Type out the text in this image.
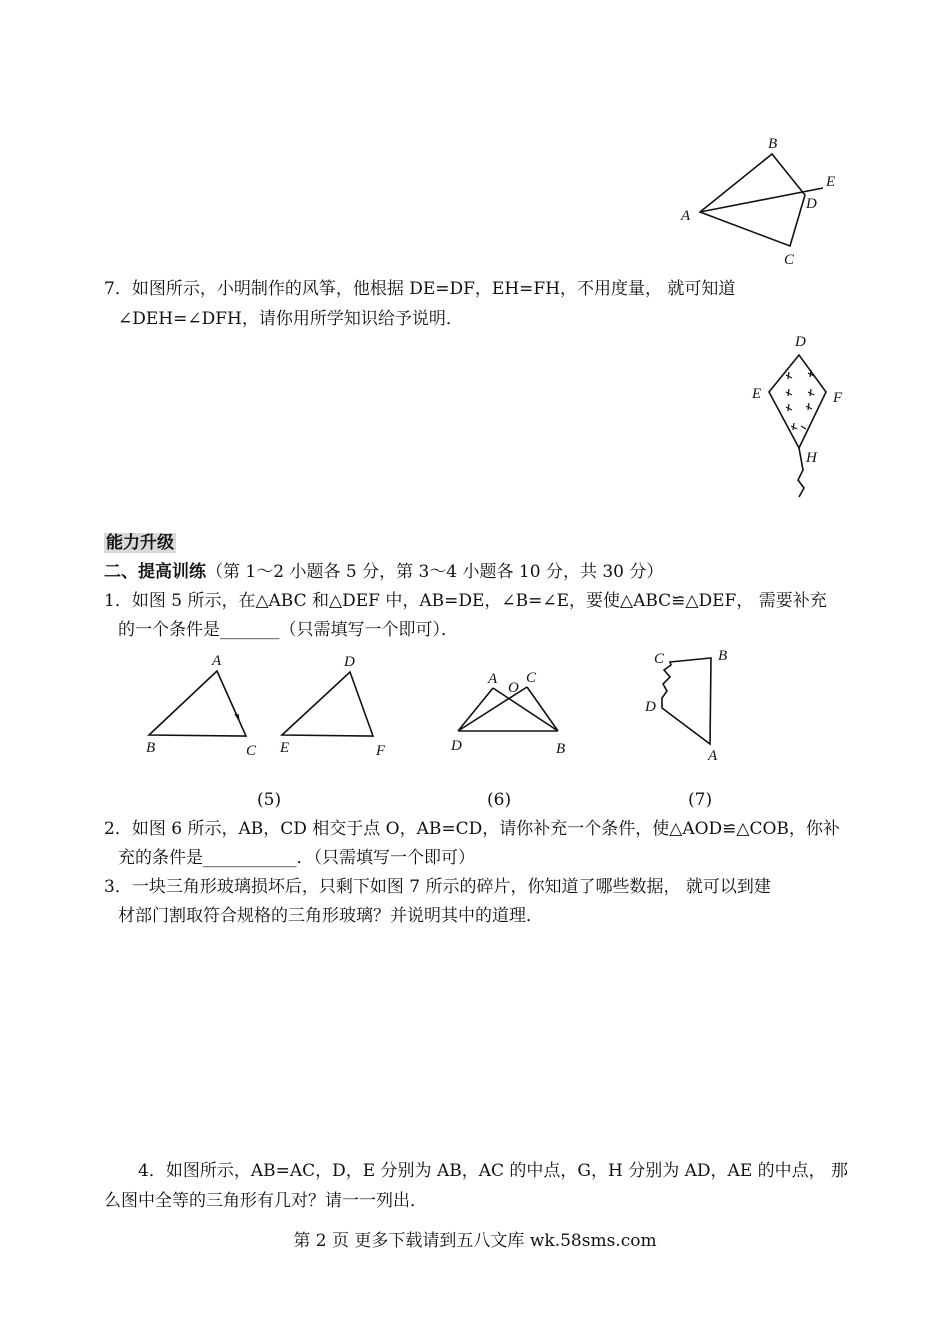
B
E
A
D
C
7．如图所示，小明制作的风筝，他根据 DE=DF，EH=FH，不用度量， 就可知道
∠DEH=∠DFH，请你用所学知识给予说明．
D
E	F
H
能力升级
二、提高训练（第 1～2 小题各 5 分，第 3～4 小题各 10 分，共 30 分）
1．如图 5 所示，在△ABC 和△DEF 中，AB=DE，∠B=∠E，要使△ABC≌△DEF， 需要补充
的一个条件是_______（只需填写一个即可）．
A
B	C
D
E	F
A
O
C
D	B
C	B
D
A
(5)	(6)	(7)
2．如图 6 所示，AB，CD 相交于点 O，AB=CD，请你补充一个条件，使△AOD≌△COB，你补
充的条件是___________．（只需填写一个即可）
3．一块三角形玻璃损坏后，只剩下如图 7 所示的碎片，你知道了哪些数据， 就可以到建
材部门割取符合规格的三角形玻璃？并说明其中的道理．
4．如图所示，AB=AC，D，E 分别为 AB，AC 的中点，G，H 分别为 AD，AE 的中点， 那
么图中全等的三角形有几对？请一一列出．
第 2 页 更多下载请到五八文库 wk.58sms.com
